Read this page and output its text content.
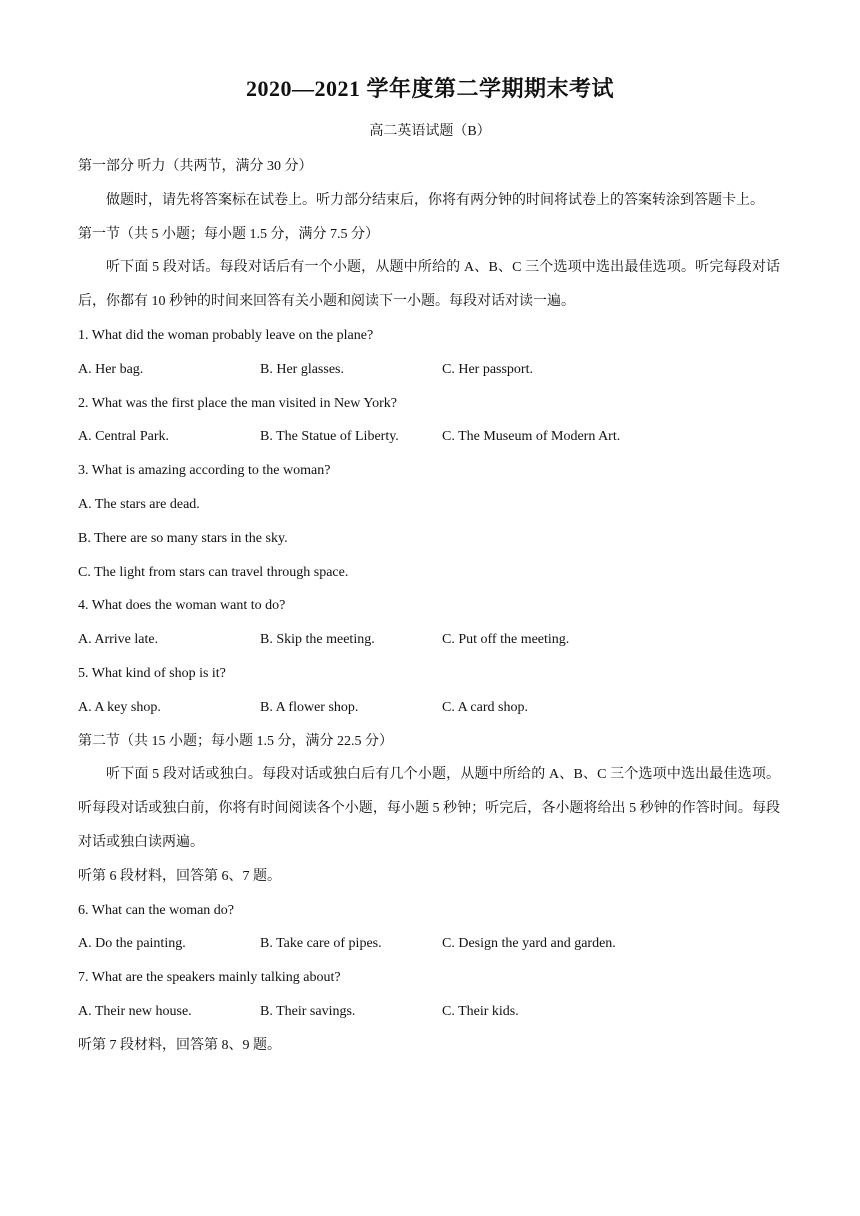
2020—2021 学年度第二学期期末考试
高二英语试题（B）
第一部分 听力（共两节，满分 30 分）
做题时，请先将答案标在试卷上。听力部分结束后，你将有两分钟的时间将试卷上的答案转涂到答题卡上。
第一节（共 5 小题；每小题 1.5 分，满分 7.5 分）
听下面 5 段对话。每段对话后有一个小题，从题中所给的 A、B、C 三个选项中选出最佳选项。听完每段对话后，你都有 10 秒钟的时间来回答有关小题和阅读下一小题。每段对话对读一遍。
1. What did the woman probably leave on the plane?
A. Her bag.	B. Her glasses.	C. Her passport.
2. What was the first place the man visited in New York?
A. Central Park.	B. The Statue of Liberty.	C. The Museum of Modern Art.
3. What is amazing according to the woman?
A. The stars are dead.
B. There are so many stars in the sky.
C. The light from stars can travel through space.
4. What does the woman want to do?
A. Arrive late.	B. Skip the meeting.	C. Put off the meeting.
5. What kind of shop is it?
A. A key shop.	B. A flower shop.	C. A card shop.
第二节（共 15 小题；每小题 1.5 分，满分 22.5 分）
听下面 5 段对话或独白。每段对话或独白后有几个小题，从题中所给的 A、B、C 三个选项中选出最佳选项。听每段对话或独白前，你将有时间阅读各个小题，每小题 5 秒钟；听完后，各小题将给出 5 秒钟的作答时间。每段对话或独白读两遍。
听第 6 段材料，回答第 6、7 题。
6. What can the woman do?
A. Do the painting.	B. Take care of pipes.	C. Design the yard and garden.
7. What are the speakers mainly talking about?
A. Their new house.	B. Their savings.	C. Their kids.
听第 7 段材料，回答第 8、9 题。
